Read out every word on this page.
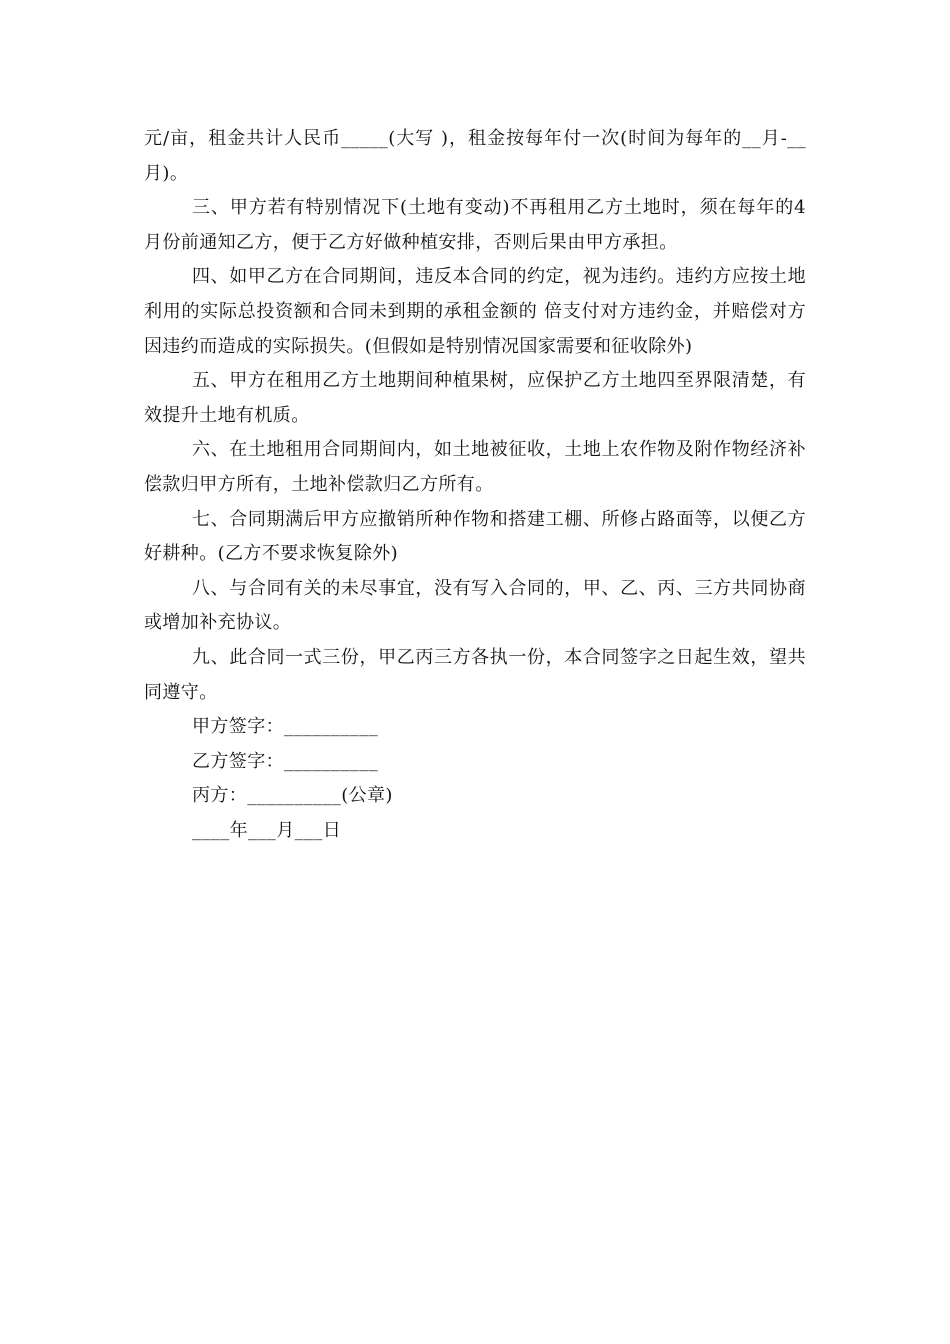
元/亩，租金共计人民币_____(大写 )，租金按每年付一次(时间为每年的__月-__月)。

三、甲方若有特别情况下(土地有变动)不再租用乙方土地时，须在每年的4月份前通知乙方，便于乙方好做种植安排，否则后果由甲方承担。

四、如甲乙方在合同期间，违反本合同的约定，视为违约。违约方应按土地利用的实际总投资额和合同未到期的承租金额的 倍支付对方违约金，并赔偿对方因违约而造成的实际损失。(但假如是特别情况国家需要和征收除外)

五、甲方在租用乙方土地期间种植果树，应保护乙方土地四至界限清楚，有效提升土地有机质。

六、在土地租用合同期间内，如土地被征收，土地上农作物及附作物经济补偿款归甲方所有，土地补偿款归乙方所有。

七、合同期满后甲方应撤销所种作物和搭建工棚、所修占路面等，以便乙方好耕种。(乙方不要求恢复除外)

八、与合同有关的未尽事宜，没有写入合同的，甲、乙、丙、三方共同协商或增加补充协议。

九、此合同一式三份，甲乙丙三方各执一份，本合同签字之日起生效，望共同遵守。

甲方签字：__________

乙方签字：__________

丙方：__________(公章)

____年___月___日
